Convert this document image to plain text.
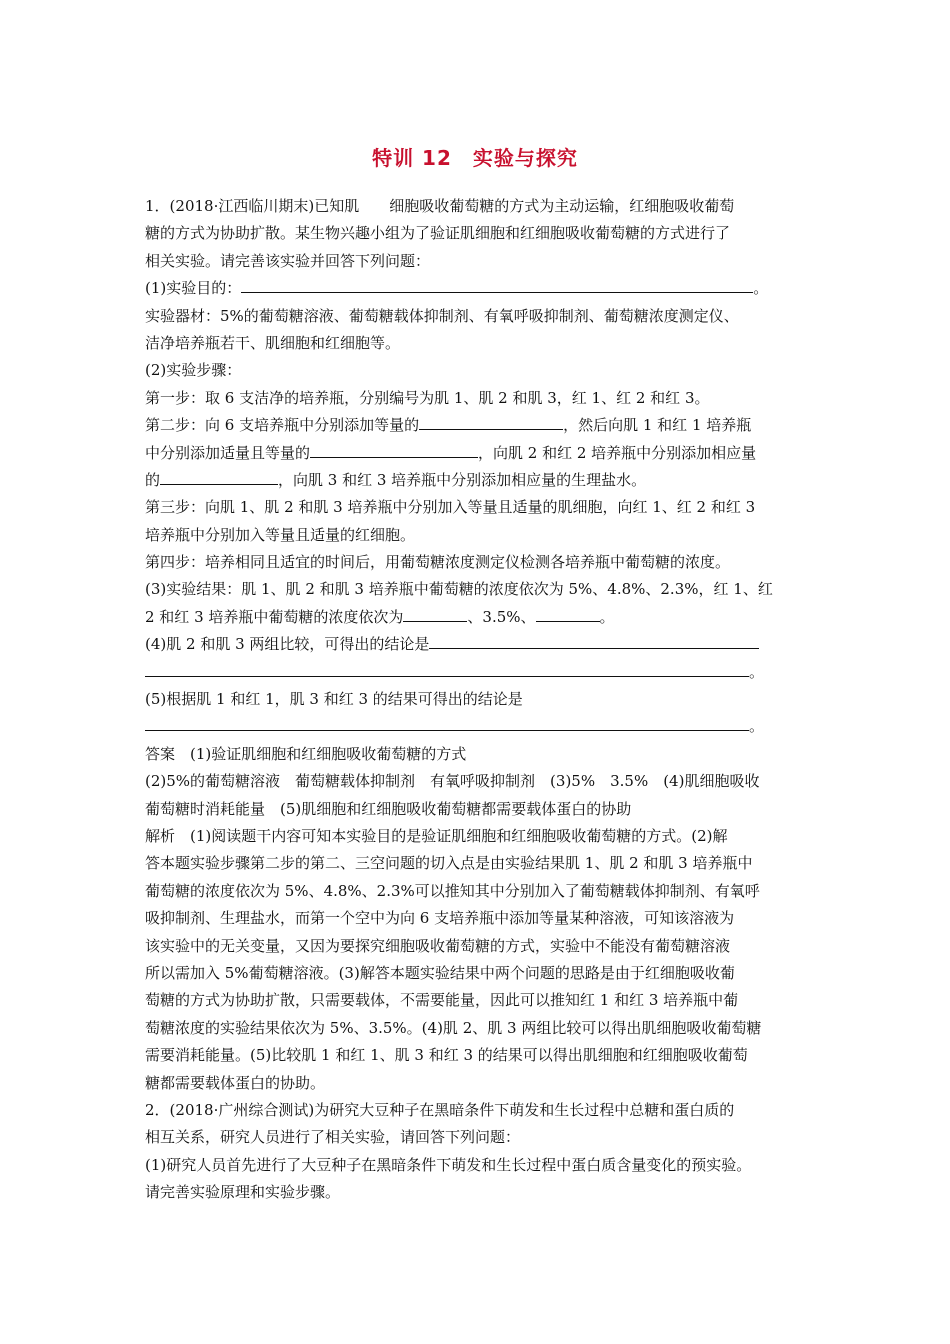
特训 12　实验与探究
1．(2018·江西临川期末)已知肌　　细胞吸收葡萄糖的方式为主动运输，红细胞吸收葡萄
糖的方式为协助扩散。某生物兴趣小组为了验证肌细胞和红细胞吸收葡萄糖的方式进行了
相关实验。请完善该实验并回答下列问题：
(1)实验目的：	。
实验器材：5%的葡萄糖溶液、葡萄糖载体抑制剂、有氧呼吸抑制剂、葡萄糖浓度测定仪、
洁净培养瓶若干、肌细胞和红细胞等。
(2)实验步骤：
第一步：取 6 支洁净的培养瓶，分别编号为肌 1、肌 2 和肌 3，红 1、红 2 和红 3。
第二步：向 6 支培养瓶中分别添加等量的	，然后向肌 1 和红 1 培养瓶
中分别添加适量且等量的	，向肌 2 和红 2 培养瓶中分别添加相应量
的	，向肌 3 和红 3 培养瓶中分别添加相应量的生理盐水。
第三步：向肌 1、肌 2 和肌 3 培养瓶中分别加入等量且适量的肌细胞，向红 1、红 2 和红 3
培养瓶中分别加入等量且适量的红细胞。
第四步：培养相同且适宜的时间后，用葡萄糖浓度测定仪检测各培养瓶中葡萄糖的浓度。
(3)实验结果：肌 1、肌 2 和肌 3 培养瓶中葡萄糖的浓度依次为 5%、4.8%、2.3%，红 1、红
2 和红 3 培养瓶中葡萄糖的浓度依次为	、3.5%、	。
(4)肌 2 和肌 3 两组比较，可得出的结论是
。
(5)根据肌 1 和红 1，肌 3 和红 3 的结果可得出的结论是
。
答案　(1)验证肌细胞和红细胞吸收葡萄糖的方式
(2)5%的葡萄糖溶液　葡萄糖载体抑制剂　有氧呼吸抑制剂　(3)5%　3.5%　(4)肌细胞吸收
葡萄糖时消耗能量　(5)肌细胞和红细胞吸收葡萄糖都需要载体蛋白的协助
解析　(1)阅读题干内容可知本实验目的是验证肌细胞和红细胞吸收葡萄糖的方式。(2)解
答本题实验步骤第二步的第二、三空问题的切入点是由实验结果肌 1、肌 2 和肌 3 培养瓶中
葡萄糖的浓度依次为 5%、4.8%、2.3%可以推知其中分别加入了葡萄糖载体抑制剂、有氧呼
吸抑制剂、生理盐水，而第一个空中为向 6 支培养瓶中添加等量某种溶液，可知该溶液为
该实验中的无关变量，又因为要探究细胞吸收葡萄糖的方式，实验中不能没有葡萄糖溶液
所以需加入 5%葡萄糖溶液。(3)解答本题实验结果中两个问题的思路是由于红细胞吸收葡
萄糖的方式为协助扩散，只需要载体，不需要能量，因此可以推知红 1 和红 3 培养瓶中葡
萄糖浓度的实验结果依次为 5%、3.5%。(4)肌 2、肌 3 两组比较可以得出肌细胞吸收葡萄糖
需要消耗能量。(5)比较肌 1 和红 1、肌 3 和红 3 的结果可以得出肌细胞和红细胞吸收葡萄
糖都需要载体蛋白的协助。
2．(2018·广州综合测试)为研究大豆种子在黑暗条件下萌发和生长过程中总糖和蛋白质的
相互关系，研究人员进行了相关实验，请回答下列问题：
(1)研究人员首先进行了大豆种子在黑暗条件下萌发和生长过程中蛋白质含量变化的预实验。
请完善实验原理和实验步骤。
